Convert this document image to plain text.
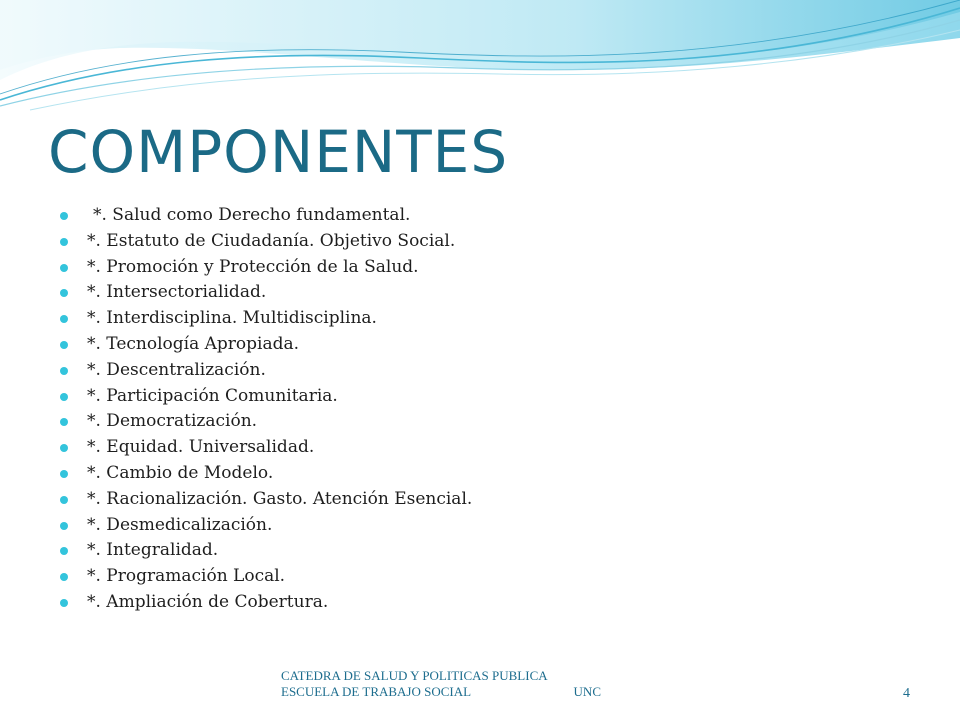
COMPONENTES
*. Salud como Derecho fundamental.
*. Estatuto de Ciudadanía. Objetivo Social.
*. Promoción y Protección de la Salud.
*. Intersectorialidad.
*. Interdisciplina. Multidisciplina.
*. Tecnología Apropiada.
*. Descentralización.
*. Participación Comunitaria.
*. Democratización.
*. Equidad. Universalidad.
*. Cambio de Modelo.
*. Racionalización. Gasto. Atención Esencial.
*. Desmedicalización.
*. Integralidad.
*. Programación Local.
*. Ampliación de Cobertura.
CATEDRA DE SALUD Y POLITICAS PUBLICA
ESCUELA DE TRABAJO SOCIAL	UNC	4
